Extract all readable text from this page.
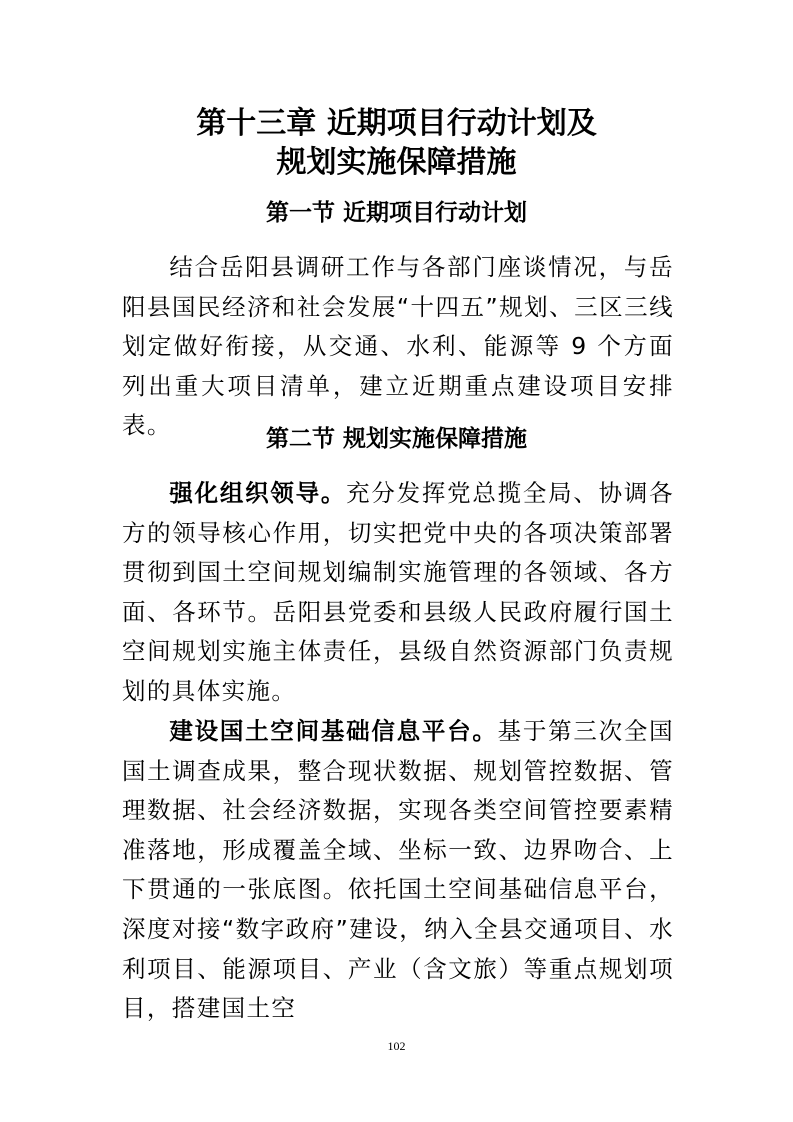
第十三章 近期项目行动计划及
规划实施保障措施
第一节 近期项目行动计划

结合岳阳县调研工作与各部门座谈情况，与岳阳县国民经济和社会发展“十四五”规划、三区三线划定做好衔接，从交通、水利、能源等 9 个方面列出重大项目清单，建立近期重点建设项目安排表。	第二节 规划实施保障措施

强化组织领导。充分发挥党总揽全局、协调各方的领导核心作用，切实把党中央的各项决策部署贯彻到国土空间规划编制实施管理的各领域、各方面、各环节。岳阳县党委和县级人民政府履行国土空间规划实施主体责任，县级自然资源部门负责规划的具体实施。

建设国土空间基础信息平台。基于第三次全国国土调查成果，整合现状数据、规划管控数据、管理数据、社会经济数据，实现各类空间管控要素精准落地，形成覆盖全域、坐标一致、边界吻合、上下贯通的一张底图。依托国土空间基础信息平台，深度对接“数字政府”建设，纳入全县交通项目、水利项目、能源项目、产业（含文旅）等重点规划项目，搭建国土空

102
